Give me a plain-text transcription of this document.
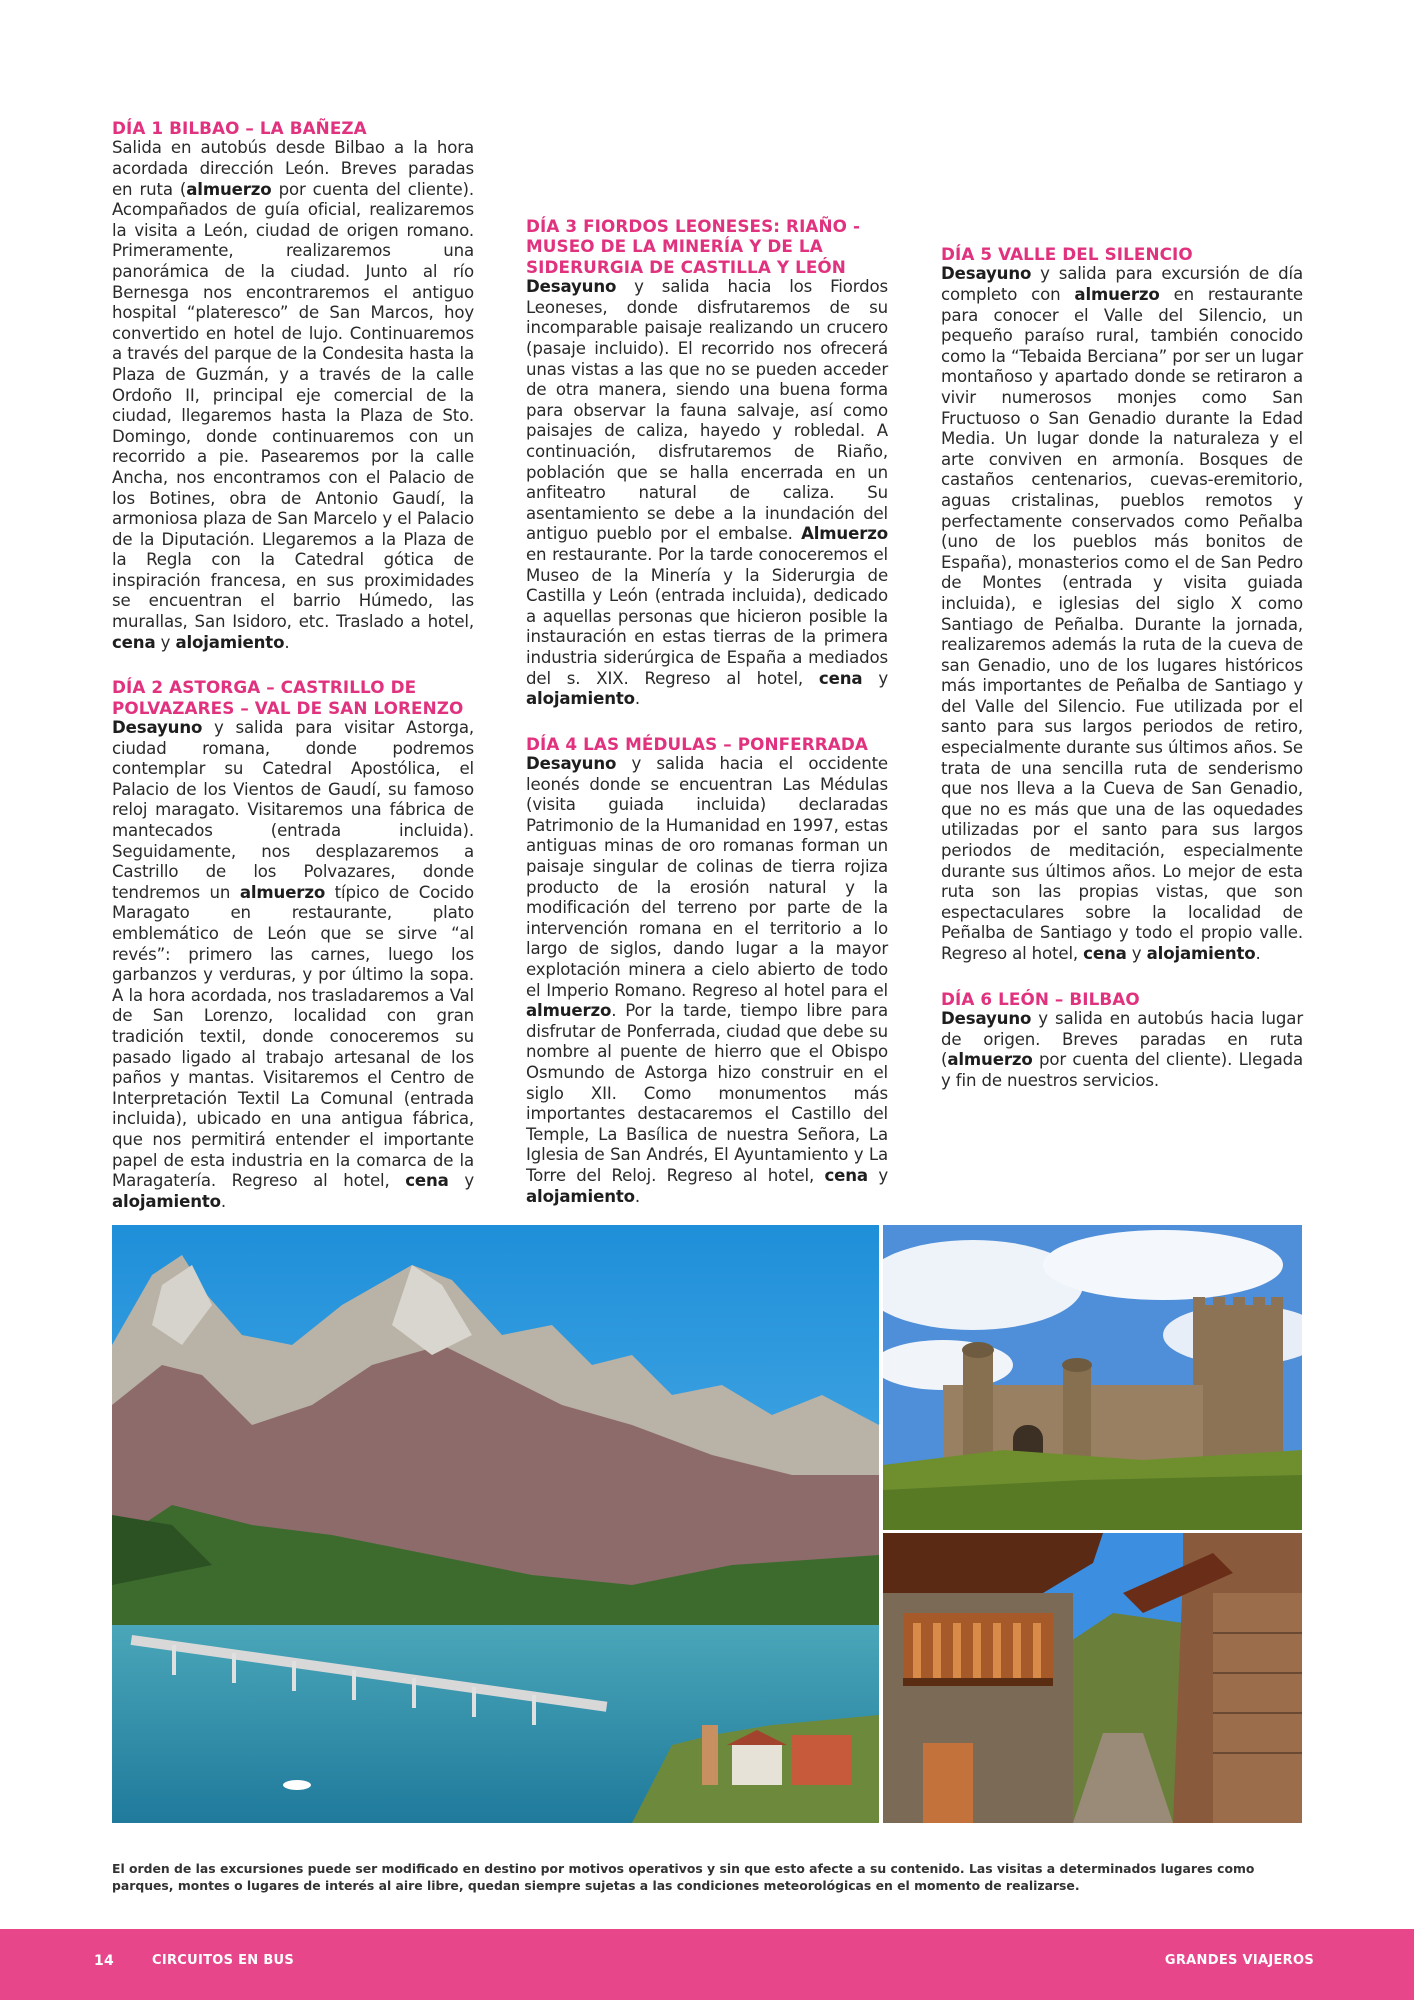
DÍA 1 BILBAO – LA BAÑEZA

Salida en autobús desde Bilbao a la hora acordada dirección León. Breves paradas en ruta (almuerzo por cuenta del cliente). Acompañados de guía oficial, realizaremos la visita a León, ciudad de origen romano. Primeramente, realizaremos una panorámica de la ciudad. Junto al río Bernesga nos encontraremos el antiguo hospital “plateresco” de San Marcos, hoy convertido en hotel de lujo. Continuaremos a través del parque de la Condesita hasta la Plaza de Guzmán, y a través de la calle Ordoño II, principal eje comercial de la ciudad, llegaremos hasta la Plaza de Sto. Domingo, donde continuaremos con un recorrido a pie. Pasearemos por la calle Ancha, nos encontramos con el Palacio de los Botines, obra de Antonio Gaudí, la armoniosa plaza de San Marcelo y el Palacio de la Diputación. Llegaremos a la Plaza de la Regla con la Catedral gótica de inspiración francesa, en sus proximidades se encuentran el barrio Húmedo, las murallas, San Isidoro, etc. Traslado a hotel, cena y alojamiento.

DÍA 2 ASTORGA – CASTRILLO DE POLVAZARES – VAL DE SAN LORENZO

Desayuno y salida para visitar Astorga, ciudad romana, donde podremos contemplar su Catedral Apostólica, el Palacio de los Vientos de Gaudí, su famoso reloj maragato. Visitaremos una fábrica de mantecados (entrada incluida). Seguidamente, nos desplazaremos a Castrillo de los Polvazares, donde tendremos un almuerzo típico de Cocido Maragato en restaurante, plato emblemático de León que se sirve “al revés”: primero las carnes, luego los garbanzos y verduras, y por último la sopa. A la hora acordada, nos trasladaremos a Val de San Lorenzo, localidad con gran tradición textil, donde conoceremos su pasado ligado al trabajo artesanal de los paños y mantas. Visitaremos el Centro de Interpretación Textil La Comunal (entrada incluida), ubicado en una antigua fábrica, que nos permitirá entender el importante papel de esta industria en la comarca de la Maragatería. Regreso al hotel, cena y alojamiento.

DÍA 3 FIORDOS LEONESES: RIAÑO - MUSEO DE LA MINERÍA Y DE LA SIDERURGIA DE CASTILLA Y LEÓN

Desayuno y salida hacia los Fiordos Leoneses, donde disfrutaremos de su incomparable paisaje realizando un crucero (pasaje incluido). El recorrido nos ofrecerá unas vistas a las que no se pueden acceder de otra manera, siendo una buena forma para observar la fauna salvaje, así como paisajes de caliza, hayedo y robledal. A continuación, disfrutaremos de Riaño, población que se halla encerrada en un anfiteatro natural de caliza. Su asentamiento se debe a la inundación del antiguo pueblo por el embalse. Almuerzo en restaurante. Por la tarde conoceremos el Museo de la Minería y la Siderurgia de Castilla y León (entrada incluida), dedicado a aquellas personas que hicieron posible la instauración en estas tierras de la primera industria siderúrgica de España a mediados del s. XIX. Regreso al hotel, cena y alojamiento.

DÍA 4 LAS MÉDULAS – PONFERRADA

Desayuno y salida hacia el occidente leonés donde se encuentran Las Médulas (visita guiada incluida) declaradas Patrimonio de la Humanidad en 1997, estas antiguas minas de oro romanas forman un paisaje singular de colinas de tierra rojiza producto de la erosión natural y la modificación del terreno por parte de la intervención romana en el territorio a lo largo de siglos, dando lugar a la mayor explotación minera a cielo abierto de todo el Imperio Romano. Regreso al hotel para el almuerzo. Por la tarde, tiempo libre para disfrutar de Ponferrada, ciudad que debe su nombre al puente de hierro que el Obispo Osmundo de Astorga hizo construir en el siglo XII. Como monumentos más importantes destacaremos el Castillo del Temple, La Basílica de nuestra Señora, La Iglesia de San Andrés, El Ayuntamiento y La Torre del Reloj. Regreso al hotel, cena y alojamiento.

DÍA 5 VALLE DEL SILENCIO

Desayuno y salida para excursión de día completo con almuerzo en restaurante para conocer el Valle del Silencio, un pequeño paraíso rural, también conocido como la “Tebaida Berciana” por ser un lugar montañoso y apartado donde se retiraron a vivir numerosos monjes como San Fructuoso o San Genadio durante la Edad Media. Un lugar donde la naturaleza y el arte conviven en armonía. Bosques de castaños centenarios, cuevas-eremitorio, aguas cristalinas, pueblos remotos y perfectamente conservados como Peñalba (uno de los pueblos más bonitos de España), monasterios como el de San Pedro de Montes (entrada y visita guiada incluida), e iglesias del siglo X como Santiago de Peñalba. Durante la jornada, realizaremos además la ruta de la cueva de san Genadio, uno de los lugares históricos más importantes de Peñalba de Santiago y del Valle del Silencio. Fue utilizada por el santo para sus largos periodos de retiro, especialmente durante sus últimos años. Se trata de una sencilla ruta de senderismo que nos lleva a la Cueva de San Genadio, que no es más que una de las oquedades utilizadas por el santo para sus largos periodos de meditación, especialmente durante sus últimos años. Lo mejor de esta ruta son las propias vistas, que son espectaculares sobre la localidad de Peñalba de Santiago y todo el propio valle. Regreso al hotel, cena y alojamiento.

DÍA 6 LEÓN – BILBAO

Desayuno y salida en autobús hacia lugar de origen. Breves paradas en ruta (almuerzo por cuenta del cliente). Llegada y fin de nuestros servicios.

El orden de las excursiones puede ser modificado en destino por motivos operativos y sin que esto afecte a su contenido. Las visitas a determinados lugares como parques, montes o lugares de interés al aire libre, quedan siempre sujetas a las condiciones meteorológicas en el momento de realizarse.
14	CIRCUITOS EN BUS	GRANDES VIAJEROS
